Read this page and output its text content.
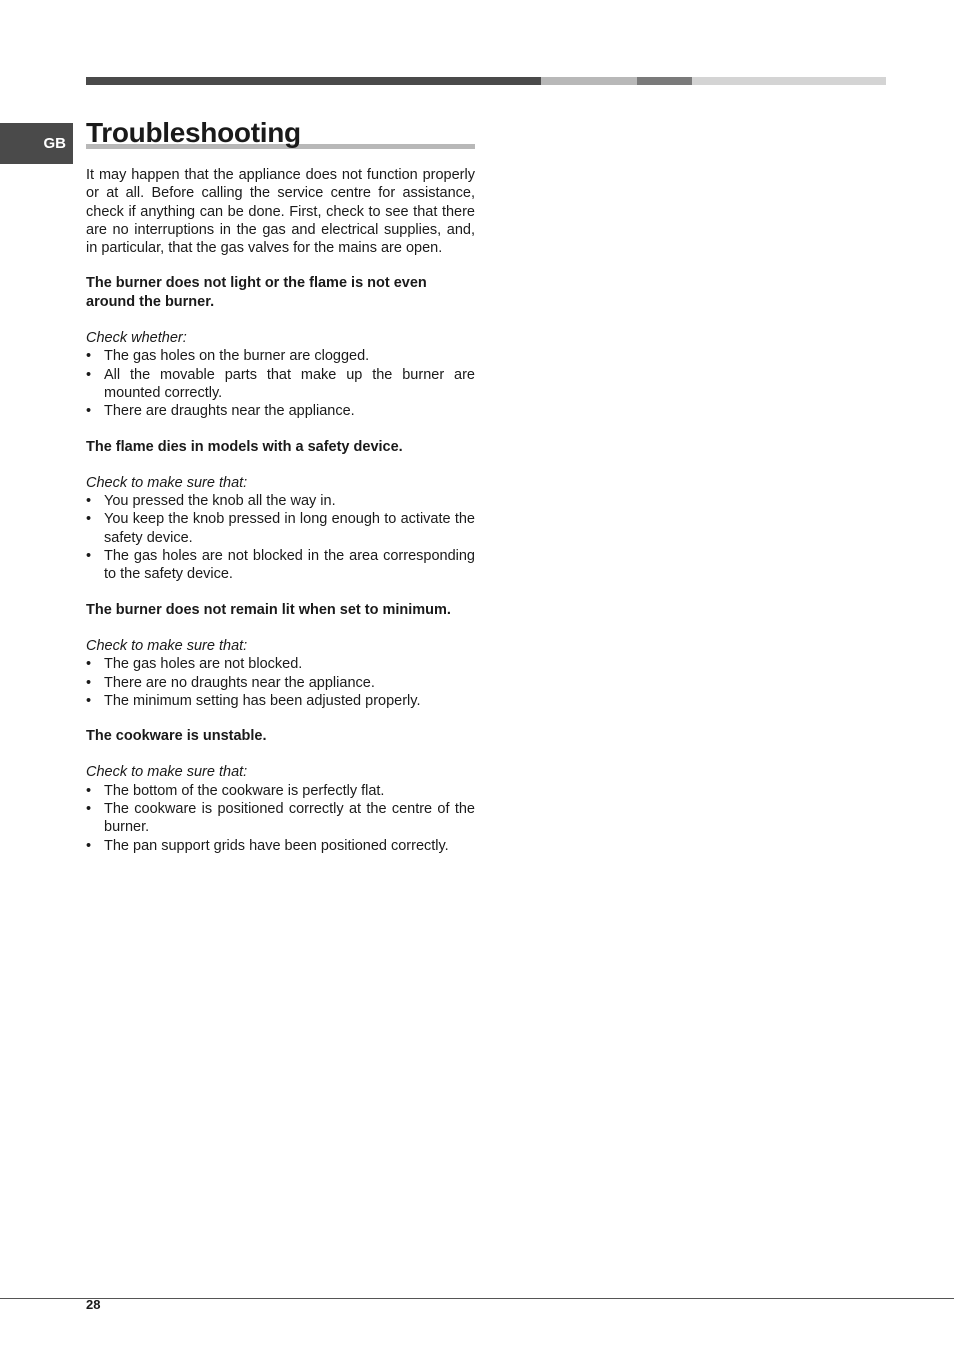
GB Troubleshooting

It may happen that the appliance does not function properly or at all. Before calling the service centre for assistance, check if anything can be done. First, check to see that there are no interruptions in the gas and electrical supplies, and, in particular, that the gas valves for the mains are open.

The burner does not light or the flame is not even around the burner.

Check whether:

• The gas holes on the burner are clogged.
• All the movable parts that make up the burner are mounted correctly.
• There are draughts near the appliance.

The flame dies in models with a safety device.

Check to make sure that:

• You pressed the knob all the way in.
• You keep the knob pressed in long enough to activate the safety device.
• The gas holes are not blocked in the area corresponding to the safety device.

The burner does not remain lit when set to minimum.

Check to make sure that:

• The gas holes are not blocked.
• There are no draughts near the appliance.
• The minimum setting has been adjusted properly.

The cookware is unstable.

Check to make sure that:

• The bottom of the cookware is perfectly flat.
• The cookware is positioned correctly at the centre of the burner.
• The pan support grids have been positioned correctly.
28
